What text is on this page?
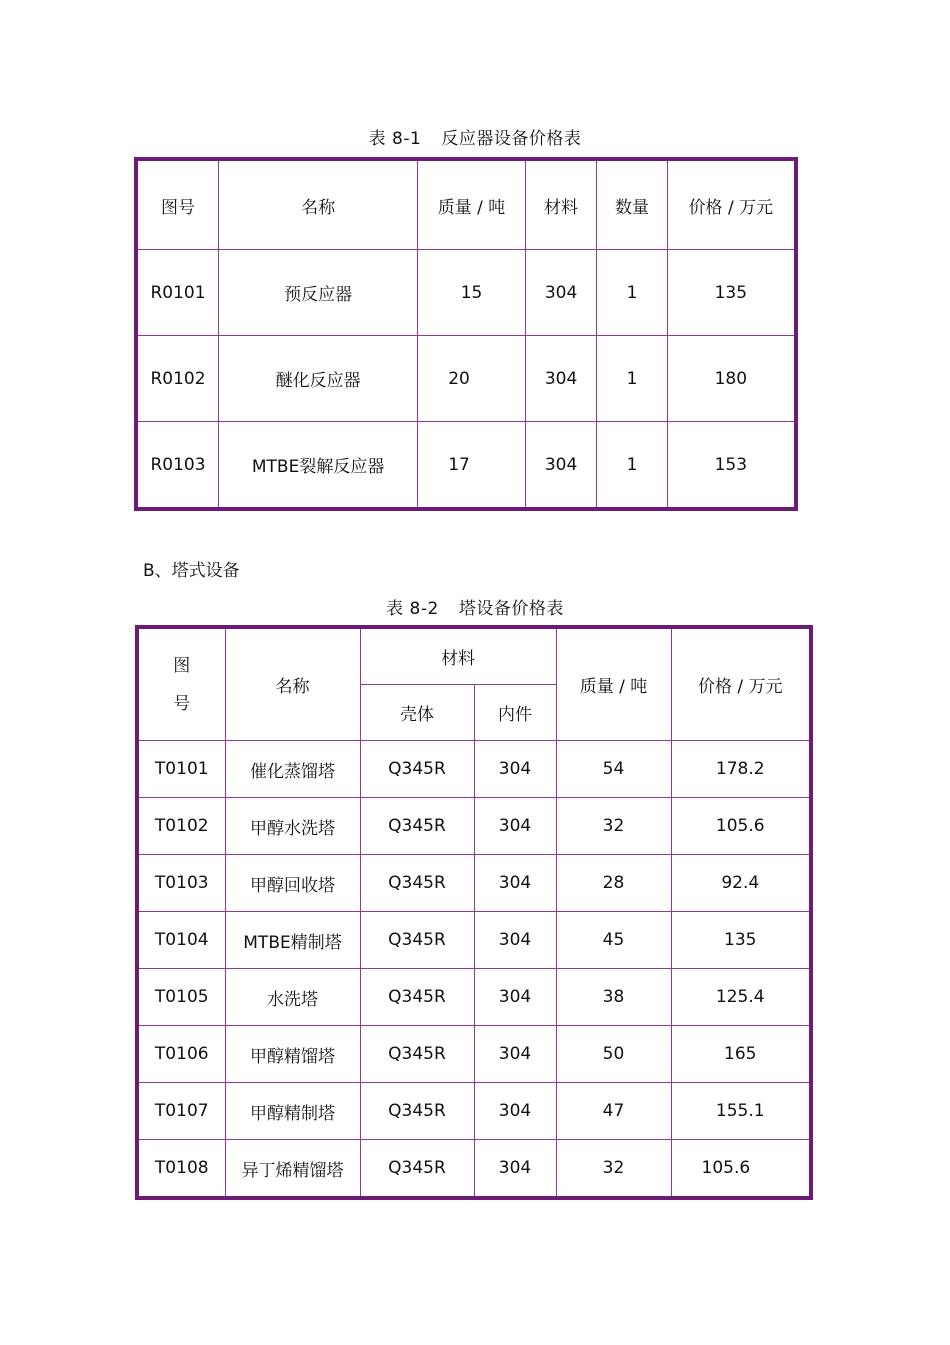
表 8-1 反应器设备价格表
图号	名称	质量 / 吨	材料	数量	价格 / 万元
R0101	预反应器	15	304	1	135
R0102	醚化反应器	20	304	1	180
R0103	MTBE裂解反应器	17	304	1	153
B、塔式设备
表 8-2 塔设备价格表
图
号	名称	材料		质量 / 吨	价格 / 万元
		壳体	内件		
T0101	催化蒸馏塔	Q345R	304	54	178.2
T0102	甲醇水洗塔	Q345R	304	32	105.6
T0103	甲醇回收塔	Q345R	304	28	92.4
T0104	MTBE精制塔	Q345R	304	45	135
T0105	水洗塔	Q345R	304	38	125.4
T0106	甲醇精馏塔	Q345R	304	50	165
T0107	甲醇精制塔	Q345R	304	47	155.1
T0108	异丁烯精馏塔	Q345R	304	32	105.6
